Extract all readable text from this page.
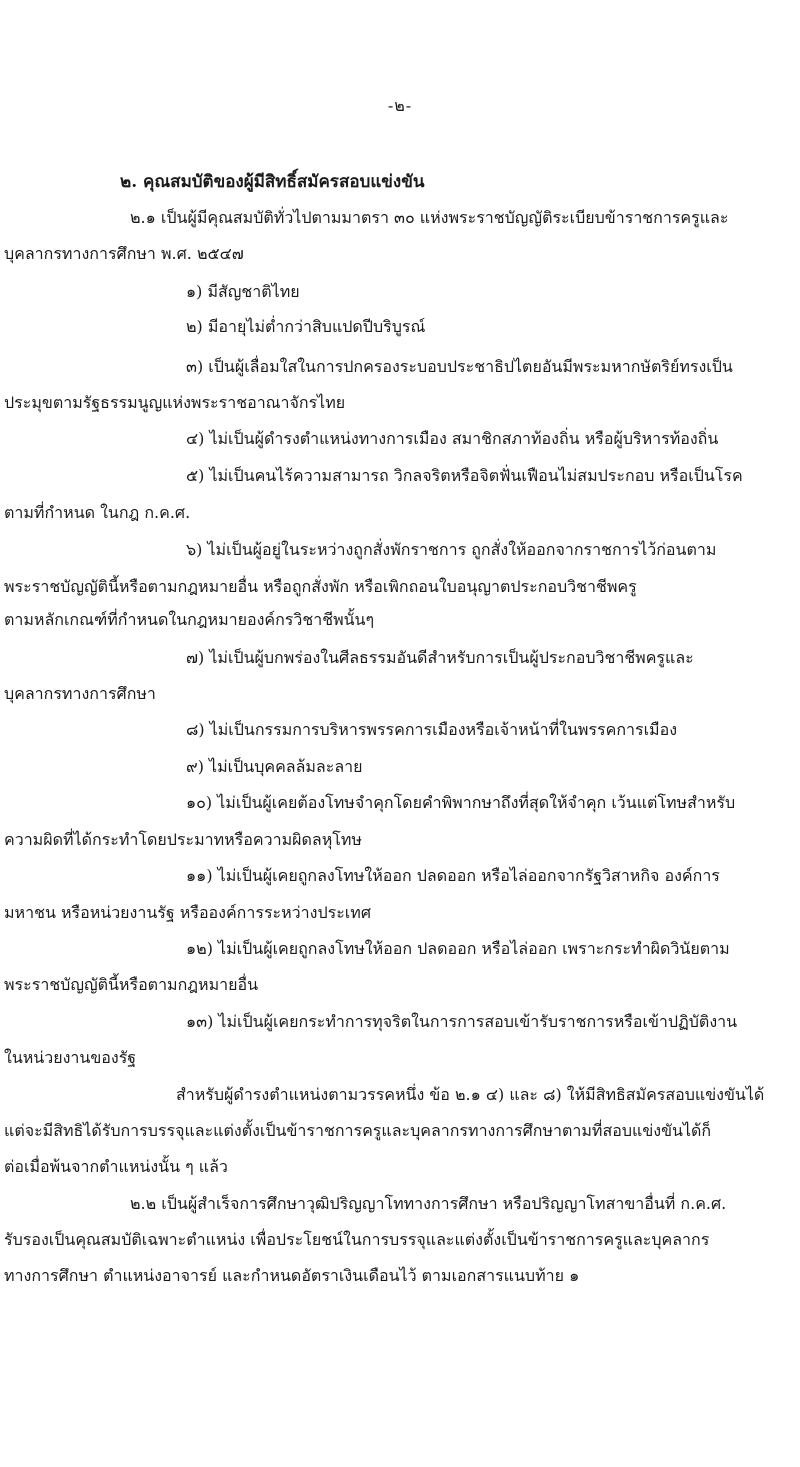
-๒-
๒. คุณสมบัติของผู้มีสิทธิ์สมัครสอบแข่งขัน
๒.๑ เป็นผู้มีคุณสมบัติทั่วไปตามมาตรา ๓๐ แห่งพระราชบัญญัติระเบียบข้าราชการครูและ
บุคลากรทางการศึกษา พ.ศ. ๒๕๔๗
๑) มีสัญชาติไทย
๒) มีอายุไม่ต่ำกว่าสิบแปดปีบริบูรณ์
๓) เป็นผู้เลื่อมใสในการปกครองระบอบประชาธิปไตยอันมีพระมหากษัตริย์ทรงเป็น
ประมุขตามรัฐธรรมนูญแห่งพระราชอาณาจักรไทย
๔) ไม่เป็นผู้ดำรงตำแหน่งทางการเมือง สมาชิกสภาท้องถิ่น หรือผู้บริหารท้องถิ่น
๕) ไม่เป็นคนไร้ความสามารถ วิกลจริตหรือจิตฟั่นเฟือนไม่สมประกอบ หรือเป็นโรค
ตามที่กำหนด ในกฎ ก.ค.ศ.
๖) ไม่เป็นผู้อยู่ในระหว่างถูกสั่งพักราชการ ถูกสั่งให้ออกจากราชการไว้ก่อนตาม
พระราชบัญญัตินี้หรือตามกฎหมายอื่น หรือถูกสั่งพัก หรือเพิกถอนใบอนุญาตประกอบวิชาชีพครู
ตามหลักเกณฑ์ที่กำหนดในกฎหมายองค์กรวิชาชีพนั้นๆ
๗) ไม่เป็นผู้บกพร่องในศีลธรรมอันดีสำหรับการเป็นผู้ประกอบวิชาชีพครูและ
บุคลากรทางการศึกษา
๘) ไม่เป็นกรรมการบริหารพรรคการเมืองหรือเจ้าหน้าที่ในพรรคการเมือง
๙) ไม่เป็นบุคคลล้มละลาย
๑๐) ไม่เป็นผู้เคยต้องโทษจำคุกโดยคำพิพากษาถึงที่สุดให้จำคุก เว้นแต่โทษสำหรับ
ความผิดที่ได้กระทำโดยประมาทหรือความผิดลหุโทษ
๑๑) ไม่เป็นผู้เคยถูกลงโทษให้ออก ปลดออก หรือไล่ออกจากรัฐวิสาหกิจ องค์การ
มหาชน หรือหน่วยงานรัฐ หรือองค์การระหว่างประเทศ
๑๒) ไม่เป็นผู้เคยถูกลงโทษให้ออก ปลดออก หรือไล่ออก เพราะกระทำผิดวินัยตาม
พระราชบัญญัตินี้หรือตามกฎหมายอื่น
๑๓) ไม่เป็นผู้เคยกระทำการทุจริตในการการสอบเข้ารับราชการหรือเข้าปฏิบัติงาน
ในหน่วยงานของรัฐ
สำหรับผู้ดำรงตำแหน่งตามวรรคหนึ่ง ข้อ ๒.๑ ๔) และ ๘) ให้มีสิทธิสมัครสอบแข่งขันได้
แต่จะมีสิทธิได้รับการบรรจุและแต่งตั้งเป็นข้าราชการครูและบุคลากรทางการศึกษาตามที่สอบแข่งขันได้ก็
ต่อเมื่อพ้นจากตำแหน่งนั้น ๆ แล้ว
๒.๒ เป็นผู้สำเร็จการศึกษาวุฒิปริญญาโททางการศึกษา หรือปริญญาโทสาขาอื่นที่ ก.ค.ศ.
รับรองเป็นคุณสมบัติเฉพาะตำแหน่ง เพื่อประโยชน์ในการบรรจุและแต่งตั้งเป็นข้าราชการครูและบุคลากร
ทางการศึกษา ตำแหน่งอาจารย์ และกำหนดอัตราเงินเดือนไว้ ตามเอกสารแนบท้าย ๑
